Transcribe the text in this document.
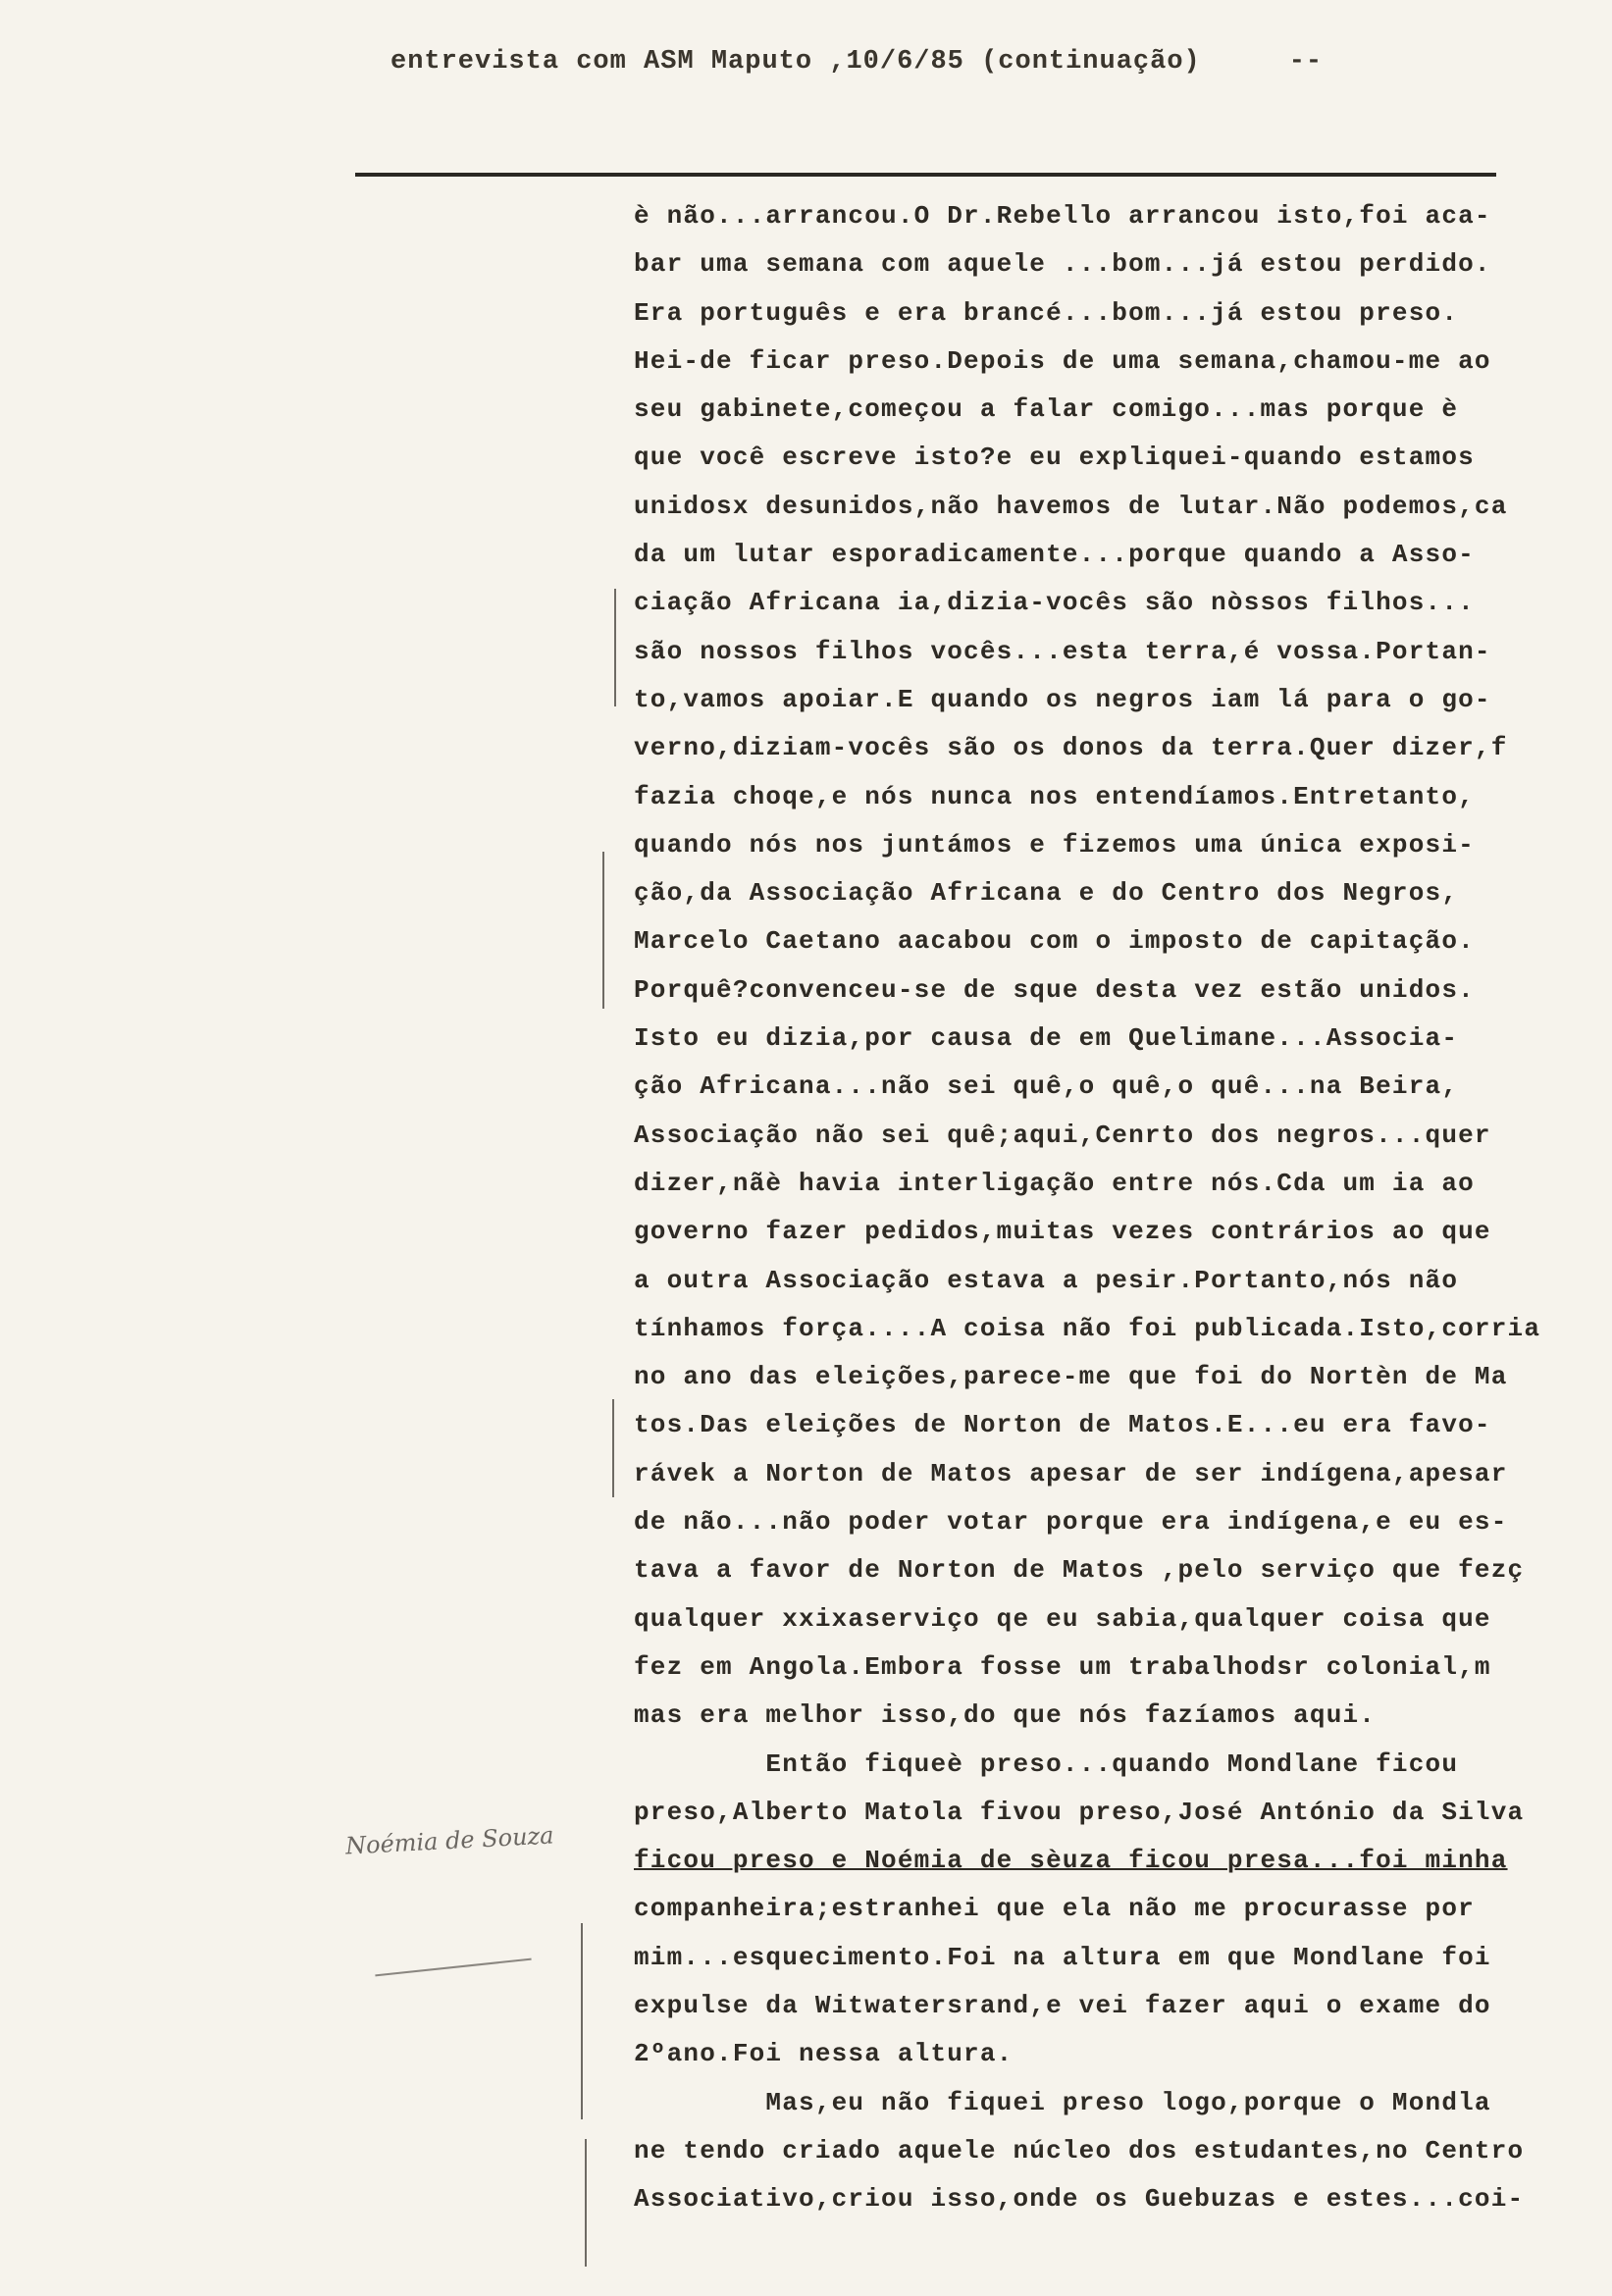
entrevista com ASM Maputo ,10/6/85 (continuação)	--
è não...arrancou.O Dr.Rebello arrancou isto,foi aca-
bar uma semana com aquele ...bom...já estou perdido.
Era português e era brancé...bom...já estou preso.
Hei-de ficar preso.Depois de uma semana,chamou-me ao
seu gabinete,começou a falar comigo...mas porque è
que você escreve isto?e eu expliquei-quando estamos
unidosx desunidos,não havemos de lutar.Não podemos,ca
da um lutar esporadicamente...porque quando a Asso-
ciação Africana ia,dizia-vocês são nòssos filhos...
são nossos filhos vocês...esta terra,é vossa.Portan-
to,vamos apoiar.E quando os negros iam lá para o go-
verno,diziam-vocês são os donos da terra.Quer dizer,f
fazia choqe,e nós nunca nos entendíamos.Entretanto,
quando nós nos juntámos e fizemos uma única exposi-
ção,da Associação Africana e do Centro dos Negros,
Marcelo Caetano aacabou com o imposto de capitação.
Porquê?convenceu-se de sque desta vez estão unidos.
Isto eu dizia,por causa de em Quelimane...Associa-
ção Africana...não sei quê,o quê,o quê...na Beira,
Associação não sei quê;aqui,Cenrto dos negros...quer
dizer,nãè havia interligação entre nós.Cda um ia ao
governo fazer pedidos,muitas vezes contrários ao que
a outra Associação estava a pesir.Portanto,nós não
tínhamos força....A coisa não foi publicada.Isto,corria
no ano das eleições,parece-me que foi do Nortèn de Ma
tos.Das eleições de Norton de Matos.E...eu era favo-
rávek a Norton de Matos apesar de ser indígena,apesar
de não...não poder votar porque era indígena,e eu es-
tava a favor de Norton de Matos ,pelo serviço que fezç
qualquer xxixaserviço qe eu sabia,qualquer coisa que
fez em Angola.Embora fosse um trabalhodsr colonial,m
mas era melhor isso,do que nós fazíamos aqui.
Então fiqueè preso...quando Mondlane ficou
preso,Alberto Matola fivou preso,José António da Silva
ficou preso e Noémia de sèuza ficou presa...foi minha
companheira;estranhei que ela não me procurasse por
mim...esquecimento.Foi na altura em que Mondlane foi
expulse da Witwatersrand,e vei fazer aqui o exame do
2ºano.Foi nessa altura.
Mas,eu não fiquei preso logo,porque o Mondla
ne tendo criado aquele núcleo dos estudantes,no Centro
Associativo,criou isso,onde os Guebuzas e estes...coi-
Noémia de Souza
